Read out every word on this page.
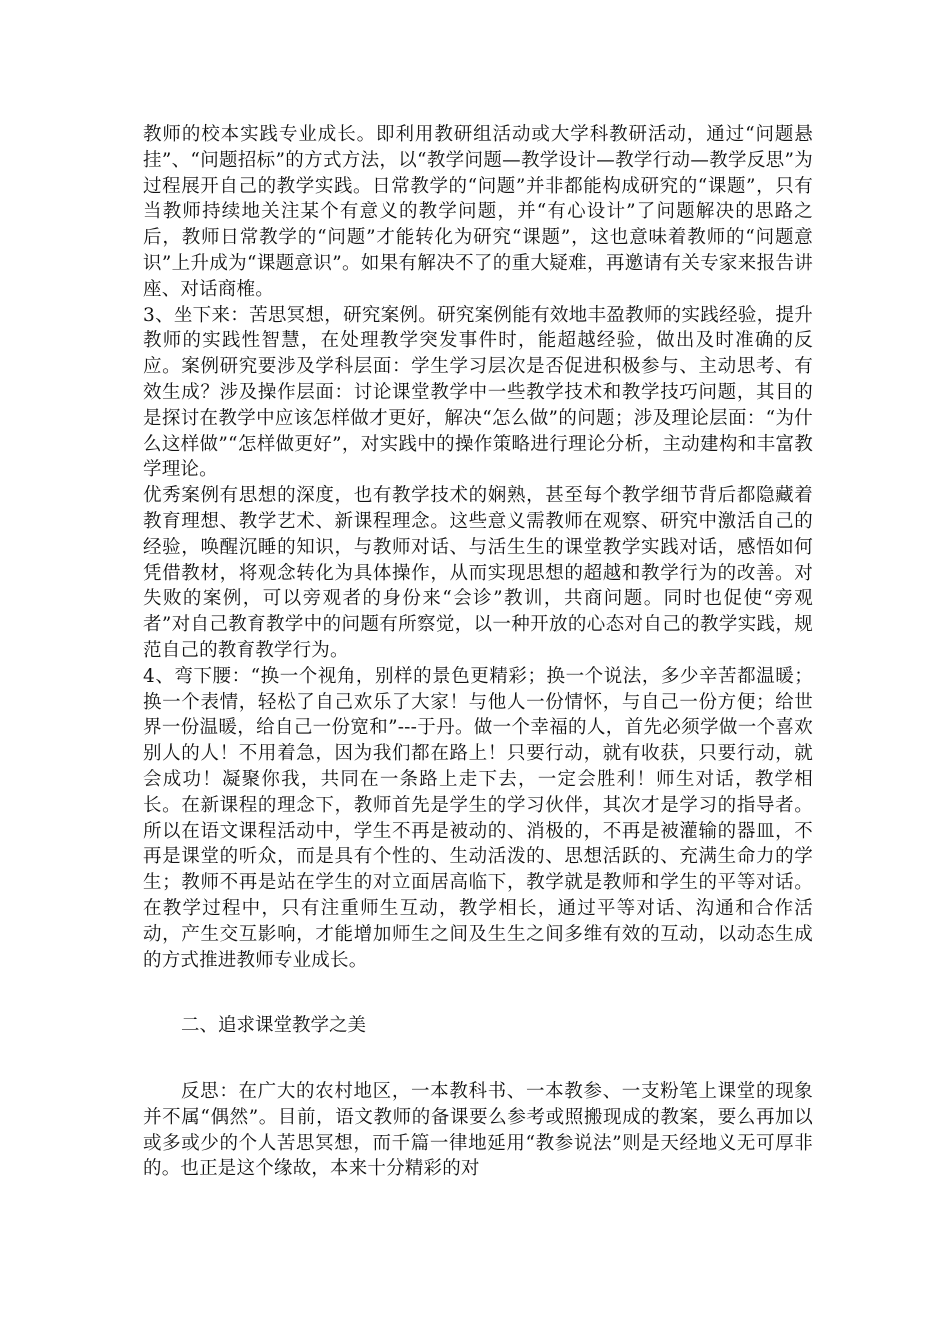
教师的校本实践专业成长。即利用教研组活动或大学科教研活动，通过“问题悬挂”、“问题招标”的方式方法，以“教学问题—教学设计—教学行动—教学反思”为过程展开自己的教学实践。日常教学的“问题”并非都能构成研究的“课题”，只有当教师持续地关注某个有意义的教学问题，并“有心设计”了问题解决的思路之后，教师日常教学的“问题”才能转化为研究“课题”，这也意味着教师的“问题意识”上升成为“课题意识”。如果有解决不了的重大疑难，再邀请有关专家来报告讲座、对话商榷。

3、坐下来：苦思冥想，研究案例。研究案例能有效地丰盈教师的实践经验，提升教师的实践性智慧，在处理教学突发事件时，能超越经验，做出及时准确的反应。案例研究要涉及学科层面：学生学习层次是否促进积极参与、主动思考、有效生成？涉及操作层面：讨论课堂教学中一些教学技术和教学技巧问题，其目的是探讨在教学中应该怎样做才更好，解决“怎么做”的问题；涉及理论层面：“为什么这样做”“怎样做更好”，对实践中的操作策略进行理论分析，主动建构和丰富教学理论。

优秀案例有思想的深度，也有教学技术的娴熟，甚至每个教学细节背后都隐藏着教育理想、教学艺术、新课程理念。这些意义需教师在观察、研究中激活自己的经验，唤醒沉睡的知识，与教师对话、与活生生的课堂教学实践对话，感悟如何凭借教材，将观念转化为具体操作，从而实现思想的超越和教学行为的改善。对失败的案例，可以旁观者的身份来“会诊”教训，共商问题。同时也促使“旁观者”对自己教育教学中的问题有所察觉，以一种开放的心态对自己的教学实践，规范自己的教育教学行为。

4、弯下腰：“换一个视角，别样的景色更精彩；换一个说法，多少辛苦都温暖；换一个表情，轻松了自己欢乐了大家！与他人一份情怀，与自己一份方便；给世界一份温暖，给自己一份宽和”---于丹。做一个幸福的人，首先必须学做一个喜欢别人的人！不用着急，因为我们都在路上！只要行动，就有收获，只要行动，就会成功！凝聚你我，共同在一条路上走下去，一定会胜利！师生对话，教学相长。在新课程的理念下，教师首先是学生的学习伙伴，其次才是学习的指导者。所以在语文课程活动中，学生不再是被动的、消极的，不再是被灌输的器皿，不再是课堂的听众，而是具有个性的、生动活泼的、思想活跃的、充满生命力的学生；教师不再是站在学生的对立面居高临下，教学就是教师和学生的平等对话。在教学过程中，只有注重师生互动，教学相长，通过平等对话、沟通和合作活动，产生交互影响，才能增加师生之间及生生之间多维有效的互动，以动态生成的方式推进教师专业成长。

二、追求课堂教学之美

反思：在广大的农村地区，一本教科书、一本教参、一支粉笔上课堂的现象并不属“偶然”。目前，语文教师的备课要么参考或照搬现成的教案，要么再加以或多或少的个人苦思冥想，而千篇一律地延用“教参说法”则是天经地义无可厚非的。也正是这个缘故，本来十分精彩的对
